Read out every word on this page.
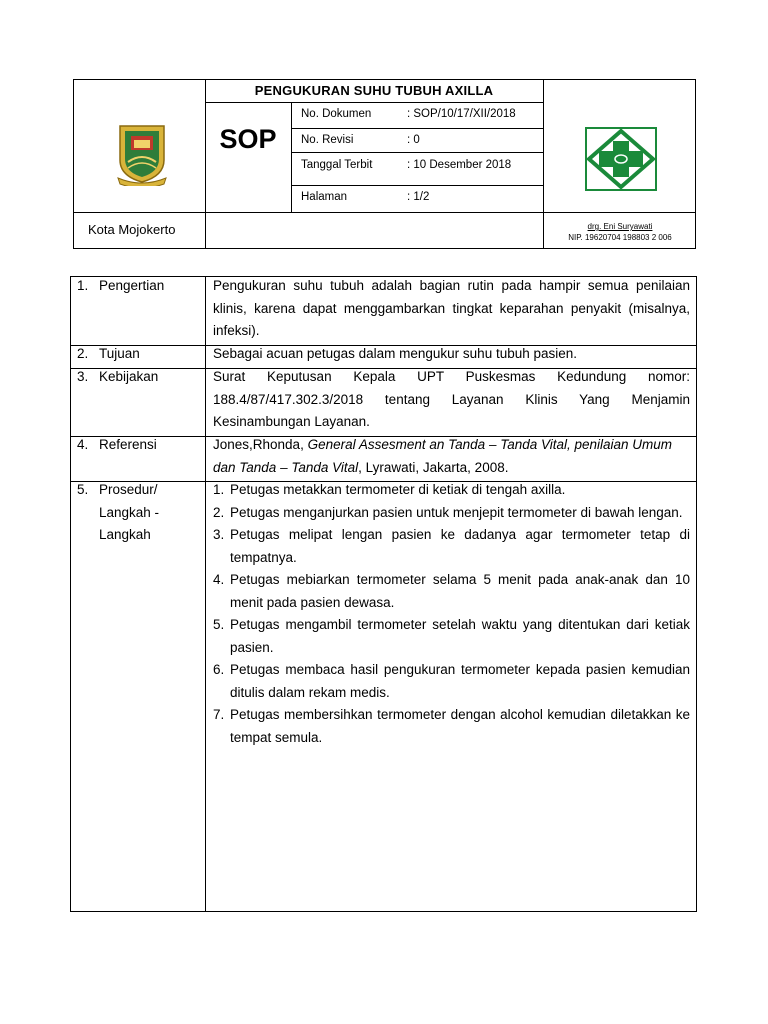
PENGUKURAN SUHU TUBUH AXILLA
SOP
No. Dokumen	: SOP/10/17/XII/2018
No. Revisi	: 0
Tanggal Terbit	: 10 Desember 2018
Halaman	: 1/2
Kota Mojokerto	drg. Eni Suryawati
NIP. 19620704 198803 2 006
1. Pengertian	Pengukuran suhu tubuh adalah bagian rutin pada hampir semua penilaian klinis, karena dapat menggambarkan tingkat keparahan penyakit (misalnya, infeksi).
2. Tujuan	Sebagai acuan petugas dalam mengukur suhu tubuh pasien.
3. Kebijakan	Surat Keputusan Kepala UPT Puskesmas Kedundung nomor: 188.4/87/417.302.3/2018 tentang Layanan Klinis Yang Menjamin Kesinambungan Layanan.
4. Referensi	Jones,Rhonda, General Assesment an Tanda – Tanda Vital, penilaian Umum dan Tanda – Tanda Vital, Lyrawati, Jakarta, 2008.
5. Prosedur/
Langkah -
Langkah
1. Petugas metakkan termometer di ketiak di tengah axilla.
2. Petugas menganjurkan pasien untuk menjepit termometer di bawah lengan.
3. Petugas melipat lengan pasien ke dadanya agar termometer tetap di tempatnya.
4. Petugas mebiarkan termometer selama 5 menit pada anak-anak dan 10 menit pada pasien dewasa.
5. Petugas mengambil termometer setelah waktu yang ditentukan dari ketiak pasien.
6. Petugas membaca hasil pengukuran termometer kepada pasien kemudian ditulis dalam rekam medis.
7. Petugas membersihkan termometer dengan alcohol kemudian diletakkan ke tempat semula.
